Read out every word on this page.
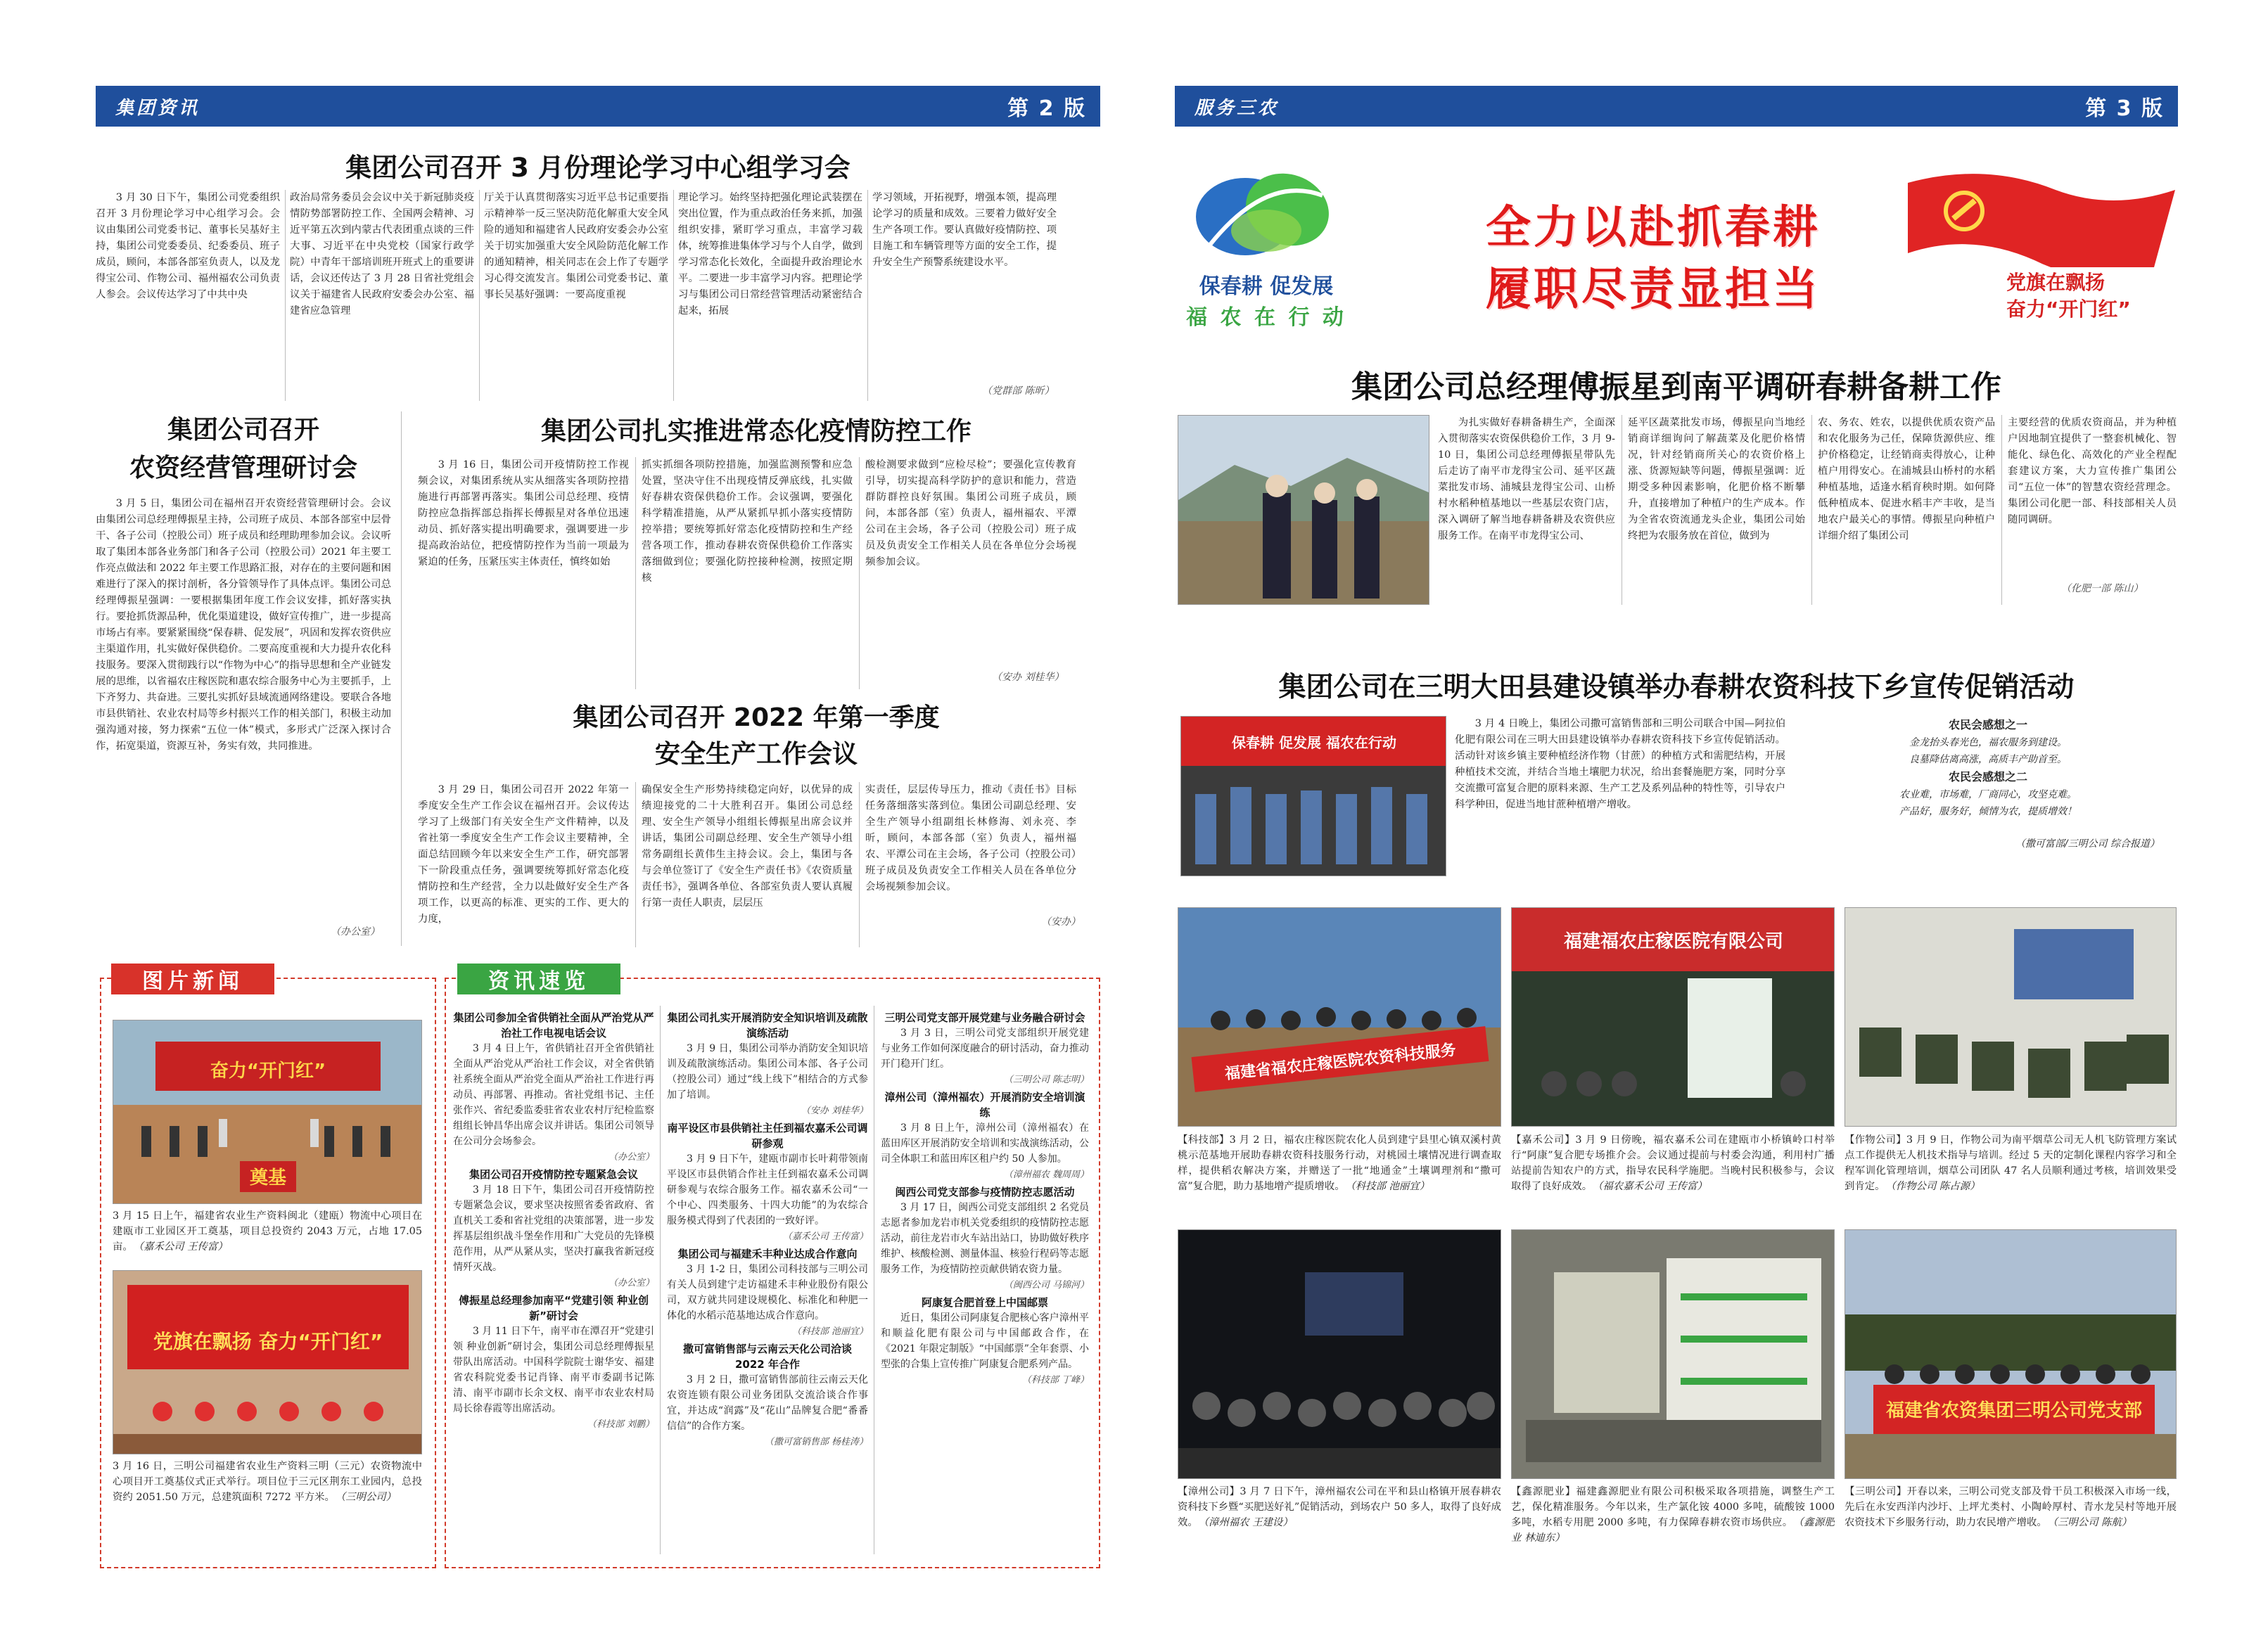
集团资讯	第 2 版
集团公司召开 3 月份理论学习中心组学习会

3 月 30 日下午，集团公司党委组织召开 3 月份理论学习中心组学习会。会议由集团公司党委书记、董事长吴基好主持，集团公司党委委员、纪委委员、班子成员，顾问，本部各部室负责人，以及龙得宝公司、作物公司、福州福农公司负责人参会。会议传达学习了中共中央

政治局常务委员会会议中关于新冠肺炎疫情防势部署防控工作、全国两会精神、习近平第五次到内蒙古代表团重点谈的三件大事、习近平在中央党校（国家行政学院）中青年干部培训班开班式上的重要讲话，会议还传达了 3 月 28 日省社党组会议关于福建省人民政府安委会办公室、福建省应急管理

厅关于认真贯彻落实习近平总书记重要指示精神举一反三坚决防范化解重大安全风险的通知和福建省人民政府安委会办公室关于切实加强重大安全风险防范化解工作的通知精神，相关同志在会上作了专题学习心得交流发言。集团公司党委书记、董事长吴基好强调：一要高度重视

理论学习。始终坚持把强化理论武装摆在突出位置，作为重点政治任务来抓，加强组织安排，紧盯学习重点，丰富学习载体，统筹推进集体学习与个人自学，做到学习常态化长效化，全面提升政治理论水平。二要进一步丰富学习内容。把理论学习与集团公司日常经营管理活动紧密结合起来，拓展

学习领域，开拓视野，增强本领，提高理论学习的质量和成效。三要着力做好安全生产各项工作。要认真做好疫情防控、项目施工和车辆管理等方面的安全工作，提升安全生产预警系统建设水平。

（党群部 陈昕）
集团公司召开
农资经营管理研讨会

3 月 5 日，集团公司在福州召开农资经营管理研讨会。会议由集团公司总经理傅振星主持，公司班子成员、本部各部室中层骨干、各子公司（控股公司）班子成员和经理助理参加会议。会议听取了集团本部各业务部门和各子公司（控股公司）2021 年主要工作亮点做法和 2022 年主要工作思路汇报，对存在的主要问题和困难进行了深入的探讨剖析，各分管领导作了具体点评。集团公司总经理傅振星强调：一要根据集团年度工作会议安排，抓好落实执行。要抢抓货源品种，优化渠道建设，做好宣传推广，进一步提高市场占有率。要紧紧围绕“保春耕、促发展”，巩固和发挥农资供应主渠道作用，扎实做好保供稳价。二要高度重视和大力提升农化科技服务。要深入贯彻践行以“作物为中心”的指导思想和全产业链发展的思维，以省福农庄稼医院和惠农综合服务中心为主要抓手，上下齐努力、共奋进。三要扎实抓好县域流通网络建设。要联合各地市县供销社、农业农村局等乡村振兴工作的相关部门，积极主动加强沟通对接，努力探索“五位一体”模式，多形式广泛深入探讨合作，拓宽渠道，资源互补，务实有效，共同推进。

（办公室）
集团公司扎实推进常态化疫情防控工作

3 月 16 日，集团公司开疫情防控工作视频会议，对集团系统从实从细落实各项防控措施进行再部署再落实。集团公司总经理、疫情防控应急指挥部总指挥长傅振星对各单位迅速动员、抓好落实提出明确要求，强调要进一步提高政治站位，把疫情防控作为当前一项最为紧迫的任务，压紧压实主体责任，慎终如始

抓实抓细各项防控措施，加强监测预警和应急处置，坚决守住不出现疫情反弹底线，扎实做好春耕农资保供稳价工作。会议强调，要强化科学精准措施，从严从紧抓早抓小落实疫情防控举措；要统筹抓好常态化疫情防控和生产经营各项工作，推动春耕农资保供稳价工作落实落细做到位；要强化防控接种检测，按照定期核

酸检测要求做到“应检尽检”；要强化宣传教育引导，切实提高科学防护的意识和能力，营造群防群控良好氛围。集团公司班子成员，顾问，本部各部（室）负责人，福州福农、平潭公司在主会场，各子公司（控股公司）班子成员及负责安全工作相关人员在各单位分会场视频参加会议。

（安办 刘桂华）
集团公司召开 2022 年第一季度
安全生产工作会议

3 月 29 日，集团公司召开 2022 年第一季度安全生产工作会议在福州召开。会议传达学习了上级部门有关安全生产文件精神，以及省社第一季度安全生产工作会议主要精神，全面总结回顾今年以来安全生产工作，研究部署下一阶段重点任务，强调要统筹抓好常态化疫情防控和生产经营，全力以赴做好安全生产各项工作，以更高的标准、更实的工作、更大的力度，

确保安全生产形势持续稳定向好，以优异的成绩迎接党的二十大胜利召开。集团公司总经理、安全生产领导小组组长傅振星出席会议并讲话，集团公司副总经理、安全生产领导小组常务副组长黄伟生主持会议。会上，集团与各与会单位签订了《安全生产责任书》《农资质量责任书》，强调各单位、各部室负责人要认真履行第一责任人职责，层层压

实责任，层层传导压力，推动《责任书》目标任务落细落实落到位。集团公司副总经理、安全生产领导小组副组长林修海、刘永亮、李昕，顾问，本部各部（室）负责人，福州福农、平潭公司在主会场，各子公司（控股公司）班子成员及负责安全工作相关人员在各单位分会场视频参加会议。

（安办）
图片新闻
奋力“开门红”
奠基
3 月 15 日上午，福建省农业生产资料闽北（建瓯）物流中心项目在建瓯市工业园区开工奠基，项目总投资约 2043 万元，占地 17.05 亩。 （嘉禾公司 王传富）
党旗在飘扬 奋力“开门红”
3 月 16 日，三明公司福建省农业生产资料三明（三元）农资物流中心项目开工奠基仪式正式举行。项目位于三元区荆东工业园内，总投资约 2051.50 万元，总建筑面积 7272 平方米。 （三明公司）
资讯速览
集团公司参加全省供销社全面从严治党从严治社工作电视电话会议
3 月 4 日上午，省供销社召开全省供销社全面从严治党从严治社工作会议，对全省供销社系统全面从严治党全面从严治社工作进行再动员、再部署、再推动。省社党组书记、主任张作兴、省纪委监委驻省农业农村厅纪检监察组组长钟昌华出席会议并讲话。集团公司领导在公司分会场参会。
（办公室）
集团公司召开疫情防控专题紧急会议
3 月 18 日下午，集团公司召开疫情防控专题紧急会议，要求坚决按照省委省政府、省直机关工委和省社党组的决策部署，进一步发挥基层组织战斗堡垒作用和广大党员的先锋模范作用，从严从紧从实，坚决打赢我省新冠疫情歼灭战。
（办公室）
傅振星总经理参加南平“党建引领 种业创新”研讨会
3 月 11 日下午，南平市在潭召开“党建引领 种业创新”研讨会，集团公司总经理傅振星带队出席活动。中国科学院院士谢华安、福建省农科院党委书记肖锋、南平市委副书记陈清、南平市副市长余文权、南平市农业农村局局长徐春霞等出席活动。
（科技部 刘鹏）
集团公司扎实开展消防安全知识培训及疏散演练活动
3 月 9 日，集团公司举办消防安全知识培训及疏散演练活动。集团公司本部、各子公司（控股公司）通过“线上线下”相结合的方式参加了培训。
（安办 刘桂华）
南平设区市县供销社主任到福农嘉禾公司调研参观
3 月 9 日下午，建瓯市副市长叶莉带领南平设区市县供销合作社主任到福农嘉禾公司调研参观与农综合服务工作。福农嘉禾公司“一个中心、四类服务、十四大功能”的为农综合服务模式得到了代表团的一致好评。
（嘉禾公司 王传富）
集团公司与福建禾丰种业达成合作意向
3 月 1-2 日，集团公司科技部与三明公司有关人员到建宁走访福建禾丰种业股份有限公司，双方就共同建设规模化、标准化和种肥一体化的水稻示范基地达成合作意向。
（科技部 池丽宜）
撒可富销售部与云南云天化公司洽谈 2022 年合作
3 月 2 日，撒可富销售部前往云南云天化农资连锁有限公司业务团队交流洽谈合作事宜，并达成“润露”及“花山”品牌复合肥“番番信信”的合作方案。
（撒可富销售部 杨桂涛）
三明公司党支部开展党建与业务融合研讨会
3 月 3 日，三明公司党支部组织开展党建与业务工作如何深度融合的研讨活动，奋力推动开门稳开门红。
（三明公司 陈志明）
漳州公司（漳州福农）开展消防安全培训演练
3 月 8 日上午，漳州公司（漳州福农）在蓝田库区开展消防安全培训和实战演练活动，公司全体职工和蓝田库区租户约 50 人参加。
（漳州福农 魏周周）
闽西公司党支部参与疫情防控志愿活动
3 月 17 日，闽西公司党支部组织 2 名党员志愿者参加龙岩市机关党委组织的疫情防控志愿活动，前往龙岩市火车站出站口，协助做好秩序维护、核酸检测、测量体温、核验行程码等志愿服务工作，为疫情防控贡献供销农资力量。
（闽西公司 马锦河）
阿康复合肥首登上中国邮票
近日，集团公司阿康复合肥核心客户漳州平和顺益化肥有限公司与中国邮政合作，在《2021 年限定制版》“中国邮票”全年套票、小型张的合集上宣传推广阿康复合肥系列产品。
（科技部 丁峰）
服务三农	第 3 版
保春耕 促发展
福 农 在 行 动
全力以赴抓春耕
履职尽责显担当	党旗在飘扬
奋力“开门红”
集团公司总经理傅振星到南平调研春耕备耕工作

为扎实做好春耕备耕生产，全面深入贯彻落实农资保供稳价工作，3 月 9-10 日，集团公司总经理傅振星带队先后走访了南平市龙得宝公司、延平区蔬菜批发市场、浦城县龙得宝公司、山桥村水稻种植基地以一些基层农资门店，深入调研了解当地春耕备耕及农资供应服务工作。在南平市龙得宝公司、

延平区蔬菜批发市场，傅振星向当地经销商详细询问了解蔬菜及化肥价格情况，针对经销商所关心的农资价格上涨、货源短缺等问题，傅振星强调：近期受多种因素影响，化肥价格不断攀升，直接增加了种植户的生产成本。作为全省农资流通龙头企业，集团公司始终把为农服务放在首位，做到为

农、务农、姓农，以提供优质农资产品和农化服务为己任，保障货源供应、维护价格稳定，让经销商卖得放心，让种植户用得安心。在浦城县山桥村的水稻种植基地，适逢水稻育秧时期。如何降低种植成本、促进水稻丰产丰收，是当地农户最关心的事情。傅振星向种植户详细介绍了集团公司

主要经营的优质农资商品，并为种植户因地制宜提供了一整套机械化、智能化、绿色化、高效化的产业全程配套建议方案，大力宣传推广集团公司“五位一体”的智慧农资经营理念。集团公司化肥一部、科技部相关人员随同调研。

（化肥一部 陈山）
集团公司在三明大田县建设镇举办春耕农资科技下乡宣传促销活动
保春耕 促发展 福农在行动

3 月 4 日晚上，集团公司撒可富销售部和三明公司联合中国—阿拉伯化肥有限公司在三明大田县建设镇举办春耕农资科技下乡宣传促销活动。活动针对该乡镇主要种植经济作物（甘蔗）的种植方式和需肥结构，开展种植技术交流，并结合当地土壤肥力状况，给出套餐施肥方案，同时分享交流撒可富复合肥的原料来源、生产工艺及系列品种的特性等，引导农户科学种田，促进当地甘蔗种植增产增收。

农民会感想之一
金龙抬头春光色，福农服务到建设。
良墓降估离高涨，高质丰产助首至。
农民会感想之二
农业难，市场难，厂商同心，攻坚克难。
产品好，服务好，倾情为农，提质增效！
（撒可富部/三明公司 综合报道）
福建省福农庄稼医院农资科技服务
福建福农庄稼医院有限公司
【科技部】3 月 2 日，福农庄稼医院农化人员到建宁县里心镇双溪村黄桃示范基地开展助春耕农资科技服务行动，对桃园土壤情况进行调查取样，提供稻农解决方案，并赠送了一批“地通金”土壤调理剂和“撒可富”复合肥，助力基地增产提质增收。 （科技部 池丽宜）
【嘉禾公司】3 月 9 日傍晚，福农嘉禾公司在建瓯市小桥镇岭口村举行“阿康”复合肥专场推介会。会议通过提前与村委会沟通，利用村广播站提前告知农户的方式，指导农民科学施肥。当晚村民积极参与，会议取得了良好成效。 （福农嘉禾公司 王传富）
【作物公司】3 月 9 日，作物公司为南平烟草公司无人机飞防管理方案试点工作提供无人机技术指导与培训。经过 5 天的定制化课程内容学习和全程军训化管理培训，烟草公司团队 47 名人员顺利通过考核，培训效果受到肯定。 （作物公司 陈占源）
福建省农资集团三明公司党支部
【漳州公司】3 月 7 日下午，漳州福农公司在平和县山格镇开展春耕农资科技下乡暨“买肥送好礼”促销活动，到场农户 50 多人，取得了良好成效。 （漳州福农 王建设）
【鑫源肥业】福建鑫源肥业有限公司积极采取各项措施，调整生产工艺，保化精准服务。今年以来，生产氯化铵 4000 多吨，硫酸铵 1000 多吨，水稻专用肥 2000 多吨，有力保障春耕农资市场供应。 （鑫源肥业 林迪东）
【三明公司】开春以来，三明公司党支部及骨干员工积极深入市场一线，先后在永安西洋内沙圩、上坪尤类村、小陶岭厚村、青水龙吴村等地开展农资技术下乡服务行动，助力农民增产增收。 （三明公司 陈航）
